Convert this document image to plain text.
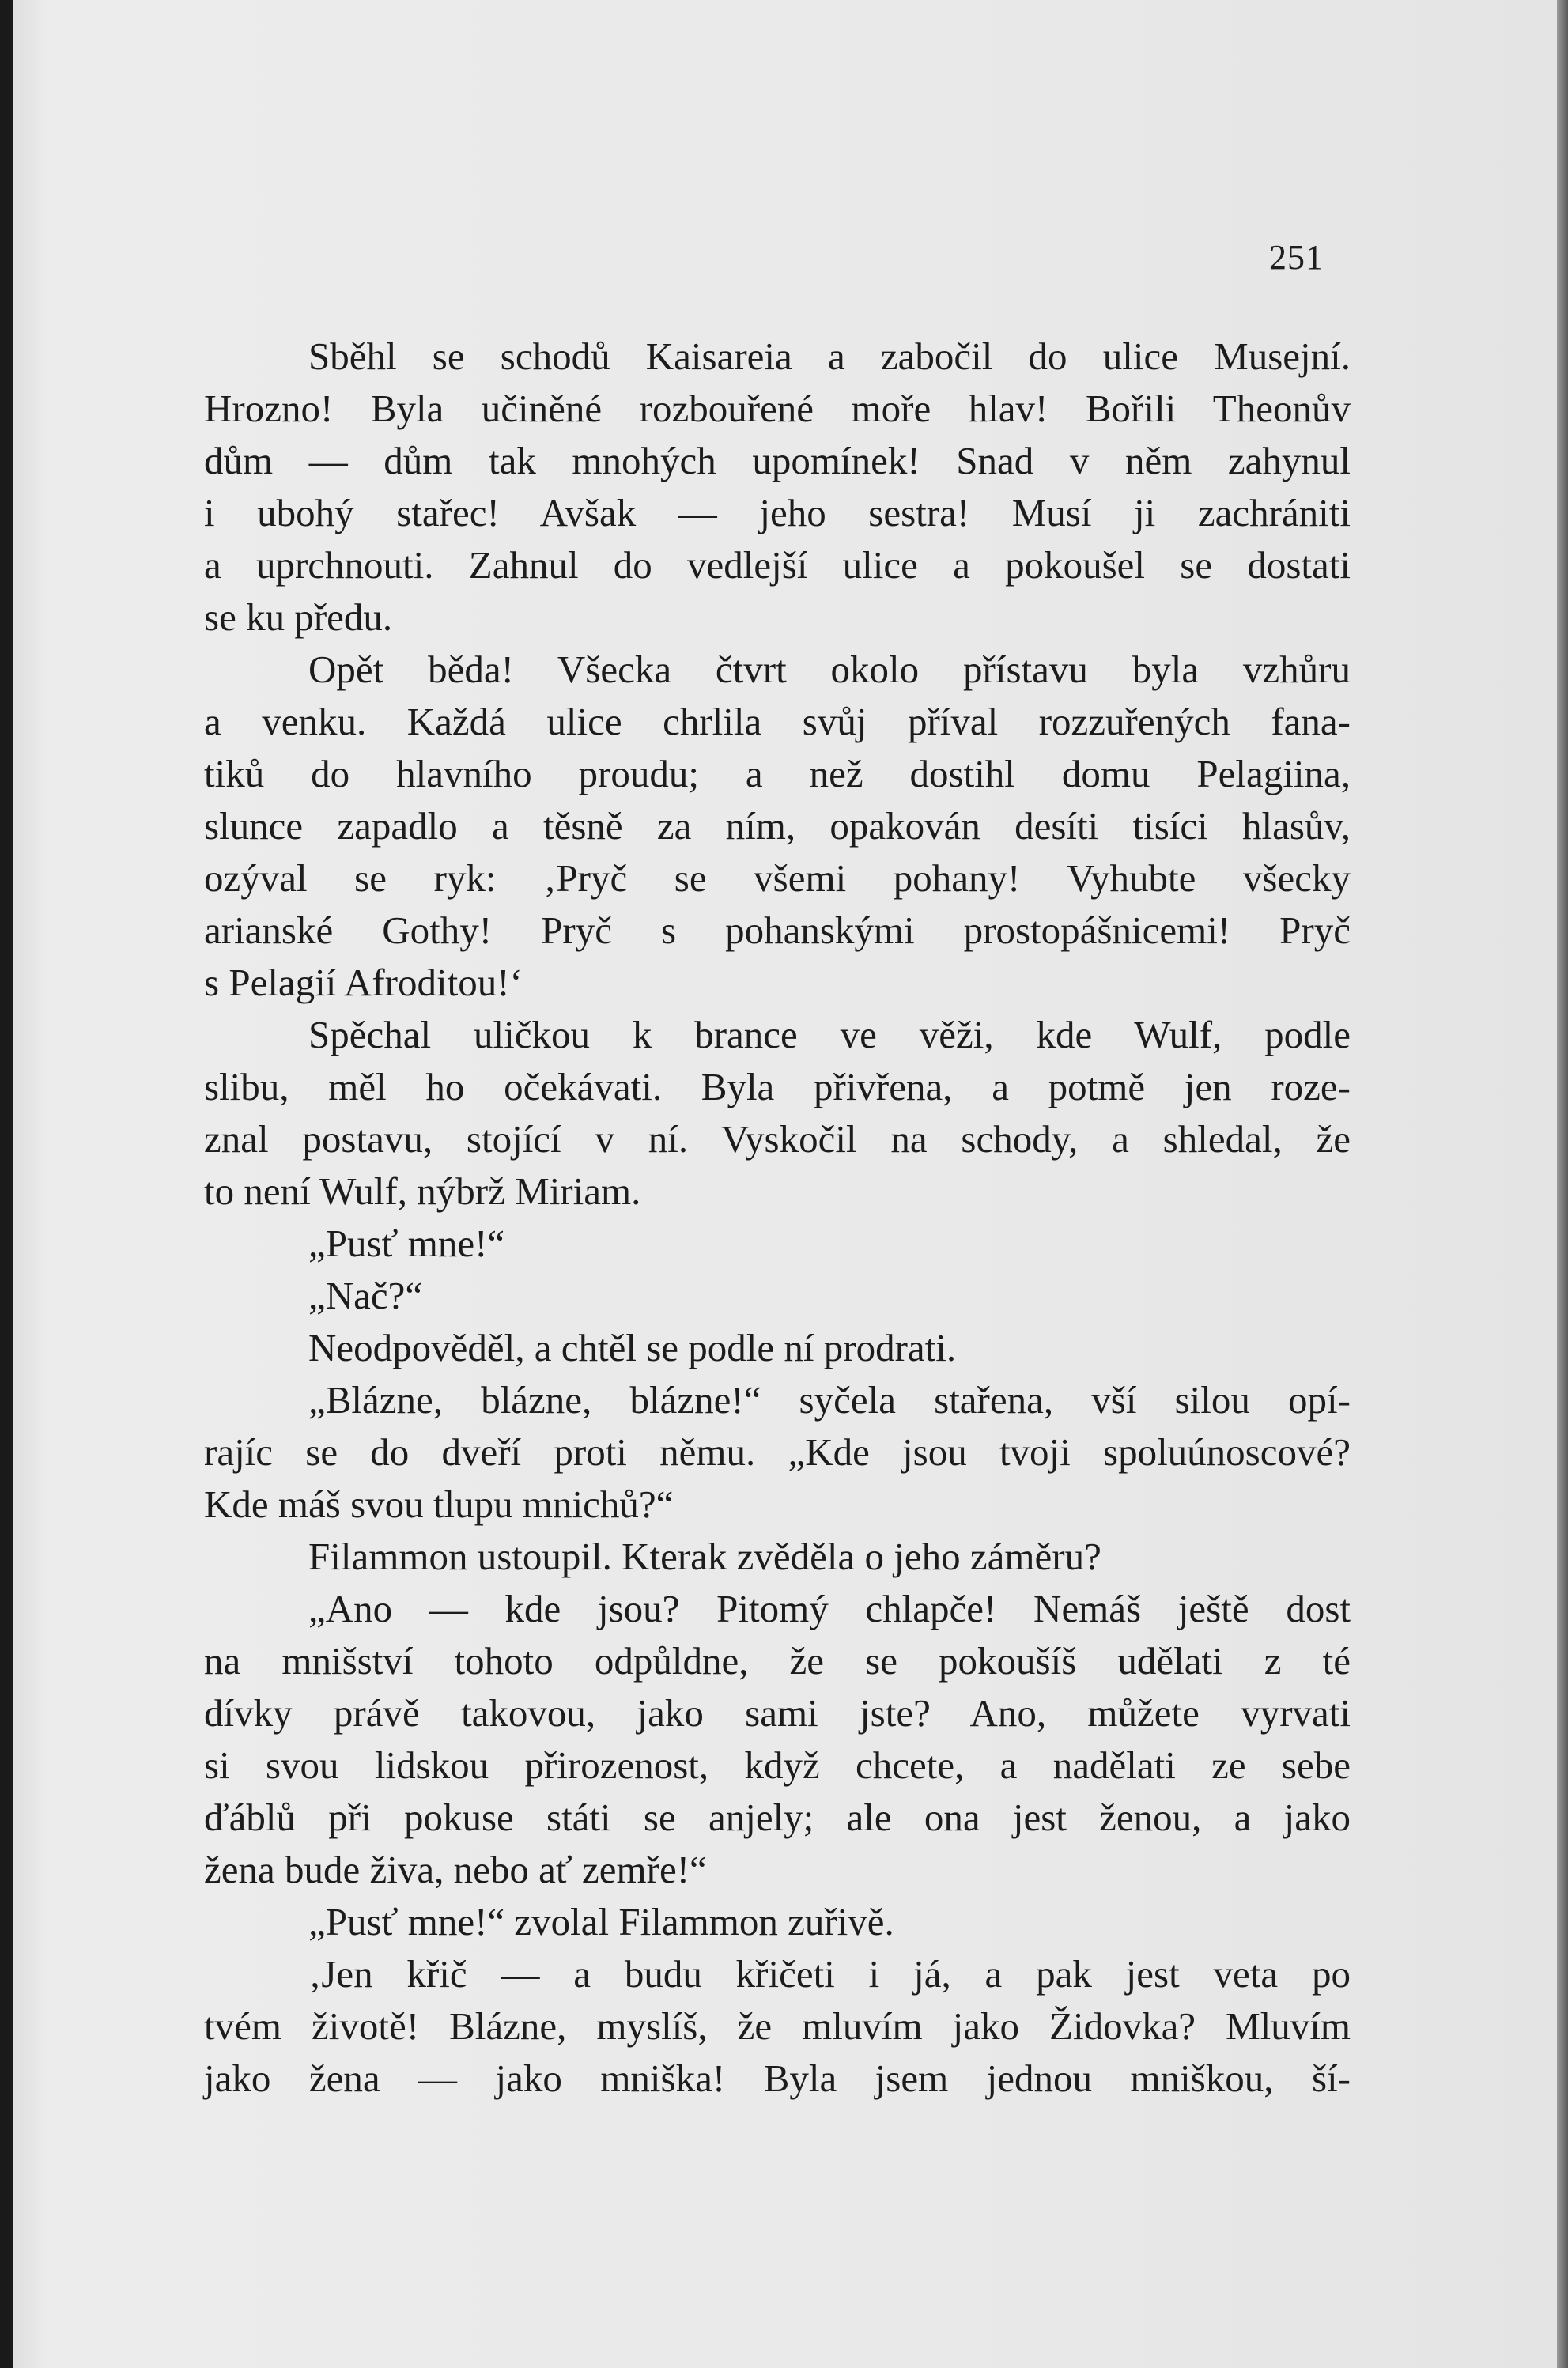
251
Sběhl se schodů Kaisareia a zabočil do ulice Musejní.
Hrozno! Byla učiněné rozbouřené moře hlav! Bořili Theonův
dům — dům tak mnohých upomínek! Snad v něm zahynul
i ubohý stařec! Avšak — jeho sestra! Musí ji zachrániti
a uprchnouti. Zahnul do vedlejší ulice a pokoušel se dostati
se ku předu.
Opět běda! Všecka čtvrt okolo přístavu byla vzhůru
a venku. Každá ulice chrlila svůj příval rozzuřených fana-
tiků do hlavního proudu; a než dostihl domu Pelagiina,
slunce zapadlo a těsně za ním, opakován desíti tisíci hlasův,
ozýval se ryk: ‚Pryč se všemi pohany! Vyhubte všecky
arianské Gothy! Pryč s pohanskými prostopášnicemi! Pryč
s Pelagií Afroditou!‘
Spěchal uličkou k brance ve věži, kde Wulf, podle
slibu, měl ho očekávati. Byla přivřena, a potmě jen roze-
znal postavu, stojící v ní. Vyskočil na schody, a shledal, že
to není Wulf, nýbrž Miriam.
„Pusť mne!“
„Nač?“
Neodpověděl, a chtěl se podle ní prodrati.
„Blázne, blázne, blázne!“ syčela stařena, vší silou opí-
rajíc se do dveří proti němu. „Kde jsou tvoji spoluúnoscové?
Kde máš svou tlupu mnichů?“
Filammon ustoupil. Kterak zvěděla o jeho záměru?
„Ano — kde jsou? Pitomý chlapče! Nemáš ještě dost
na mnišství tohoto odpůldne, že se pokoušíš udělati z té
dívky právě takovou, jako sami jste? Ano, můžete vyrvati
si svou lidskou přirozenost, když chcete, a nadělati ze sebe
ďáblů při pokuse státi se anjely; ale ona jest ženou, a jako
žena bude živa, nebo ať zemře!“
„Pusť mne!“ zvolal Filammon zuřivě.
‚Jen křič — a budu křičeti i já, a pak jest veta po
tvém životě! Blázne, myslíš, že mluvím jako Židovka? Mluvím
jako žena — jako mniška! Byla jsem jednou mniškou, ší-
